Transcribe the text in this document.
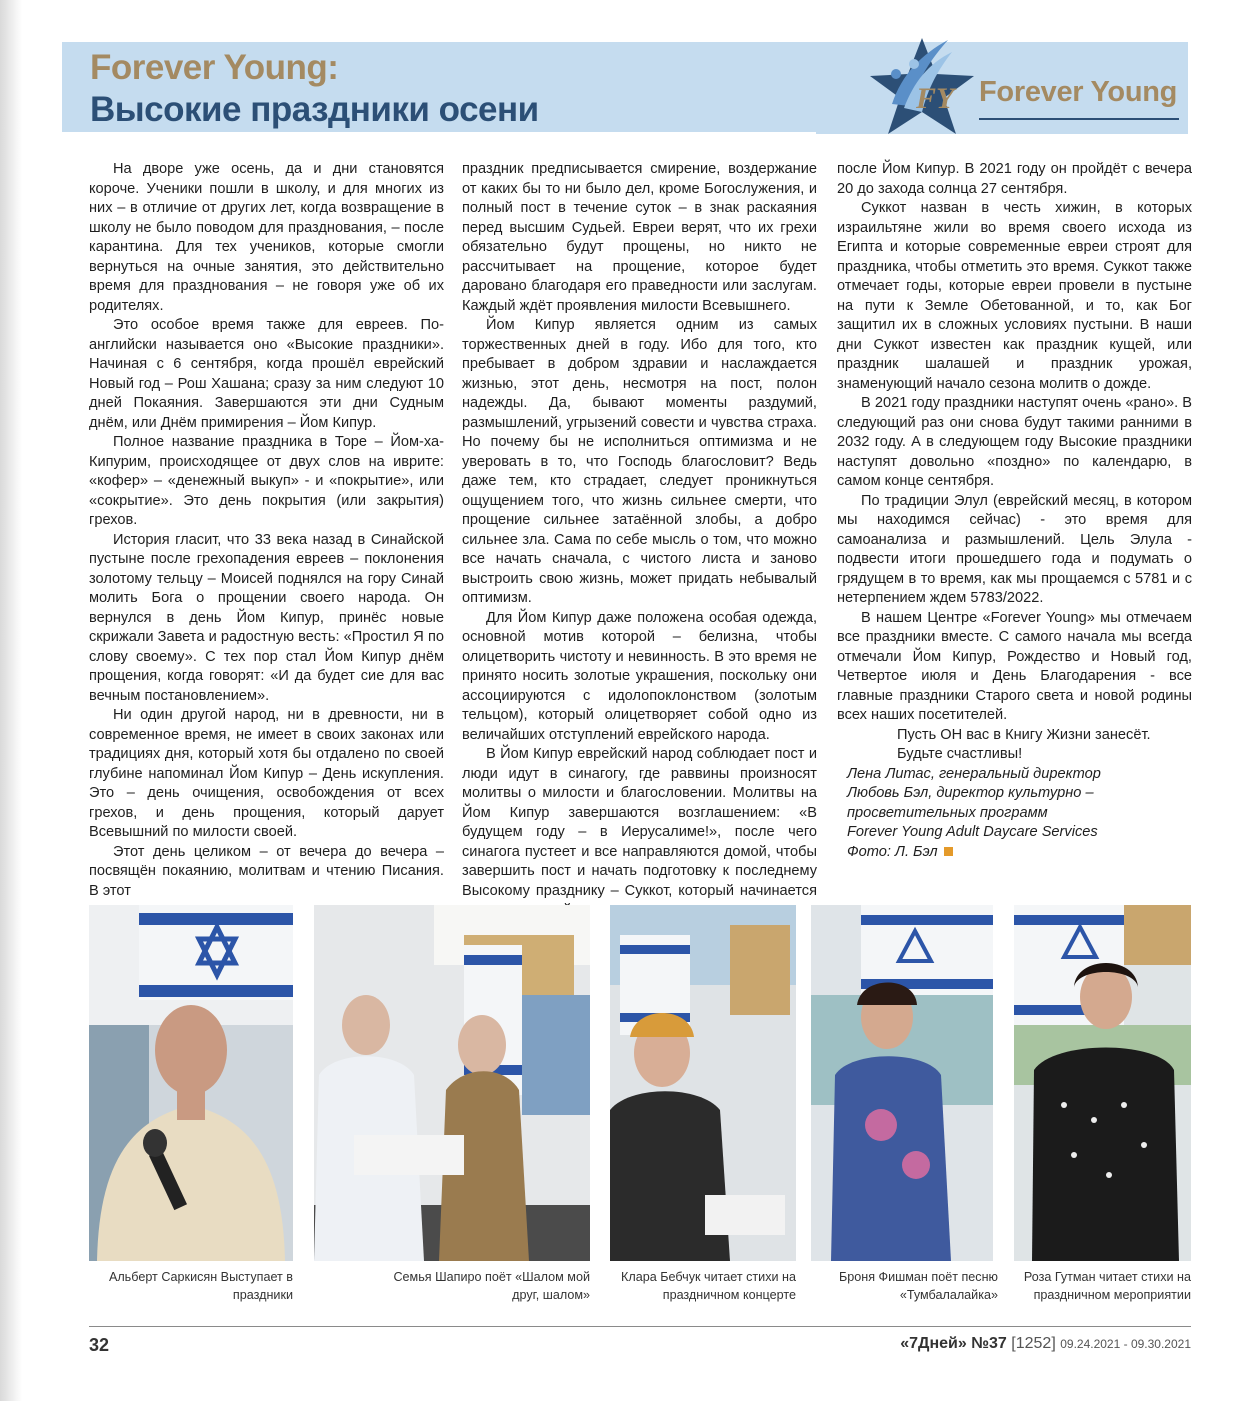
Forever Young:
Высокие праздники осени	FY Forever Young

На дворе уже осень, да и дни становятся короче. Ученики пошли в школу, и для многих из них – в отличие от других лет, когда возвращение в школу не было поводом для празднования, – после карантина. Для тех учеников, которые смогли вернуться на очные занятия, это действительно время для празднования – не говоря уже об их родителях.

Это особое время также для евреев. По-английски называется оно «Высокие праздники». Начиная с 6 сентября, когда прошёл еврейский Новый год – Рош Хашана; сразу за ним следуют 10 дней Покаяния. Завершаются эти дни Судным днём, или Днём примирения – Йом Кипур.

Полное название праздника в Торе – Йом-ха-Кипурим, происходящее от двух слов на иврите: «кофер» – «денежный выкуп» - и «покрытие», или «сокрытие». Это день покрытия (или закрытия) грехов.

История гласит, что 33 века назад в Синайской пустыне после грехопадения евреев – поклонения золотому тельцу – Моисей поднялся на гору Синай молить Бога о прощении своего народа. Он вернулся в день Йом Кипур, принёс новые скрижали Завета и радостную весть: «Простил Я по слову своему». С тех пор стал Йом Кипур днём прощения, когда говорят: «И да будет сие для вас вечным постановлением».

Ни один другой народ, ни в древности, ни в современное время, не имеет в своих законах или традициях дня, который хотя бы отдалено по своей глубине напоминал Йом Кипур – День искупления. Это – день очищения, освобождения от всех грехов, и день прощения, который дарует Всевышний по милости своей.

Этот день целиком – от вечера до вечера – посвящён покаянию, молитвам и чтению Писания. В этот

праздник предписывается смирение, воздержание от каких бы то ни было дел, кроме Богослужения, и полный пост в течение суток – в знак раскаяния перед высшим Судьей. Евреи верят, что их грехи обязательно будут прощены, но никто не рассчитывает на прощение, которое будет даровано благодаря его праведности или заслугам. Каждый ждёт проявления милости Всевышнего.

Йом Кипур является одним из самых торжественных дней в году. Ибо для того, кто пребывает в добром здравии и наслаждается жизнью, этот день, несмотря на пост, полон надежды. Да, бывают моменты раздумий, размышлений, угрызений совести и чувства страха. Но почему бы не исполниться оптимизма и не уверовать в то, что Господь благословит? Ведь даже тем, кто страдает, следует проникнуться ощущением того, что жизнь сильнее смерти, что прощение сильнее затаённой злобы, а добро сильнее зла. Сама по себе мысль о том, что можно все начать сначала, с чистого листа и заново выстроить свою жизнь, может придать небывалый оптимизм.

Для Йом Кипур даже положена особая одежда, основной мотив которой – белизна, чтобы олицетворить чистоту и невинность. В это время не принято носить золотые украшения, поскольку они ассоциируются с идолопоклонством (золотым тельцом), который олицетворяет собой одно из величайших отступлений еврейского народа.

В Йом Кипур еврейский народ соблюдает пост и люди идут в синагогу, где раввины произносят молитвы о милости и благословении. Молитвы на Йом Кипур завершаются возглашением: «В будущем году – в Иерусалиме!», после чего синагога пустеет и все направляются домой, чтобы завершить пост и начать подготовку к последнему Высокому празднику – Суккот, который начинается

после Йом Кипур. В 2021 году он пройдёт с вечера 20 до захода солнца 27 сентября.

Суккот назван в честь хижин, в которых израильтяне жили во время своего исхода из Египта и которые современные евреи строят для праздника, чтобы отметить это время. Суккот также отмечает годы, которые евреи провели в пустыне на пути к Земле Обетованной, и то, как Бог защитил их в сложных условиях пустыни. В наши дни Суккот известен как праздник кущей, или праздник шалашей и праздник урожая, знаменующий начало сезона молитв о дожде.

В 2021 году праздники наступят очень «рано». В следующий раз они снова будут такими ранними в 2032 году. А в следующем году Высокие праздники наступят довольно «поздно» по календарю, в самом конце сентября.

По традиции Элул (еврейский месяц, в котором мы находимся сейчас) - это время для самоанализа и размышлений. Цель Элула - подвести итоги прошедшего года и подумать о грядущем в то время, как мы прощаемся с 5781 и с нетерпением ждем 5783/2022.

В нашем Центре «Forever Young» мы отмечаем все праздники вместе. С самого начала мы всегда отмечали Йом Кипур, Рождество и Новый год, Четвертое июля и День Благодарения - все главные праздники Старого света и новой родины всех наших посетителей.

Пусть ОН вас в Книгу Жизни занесёт.

Будьте счастливы!

Лена Литас, генеральный директор

Любовь Бэл, директор культурно – просветительных программ

Forever Young Adult Daycare Services

Фото: Л. Бэл

Альберт Саркисян Выступает в праздники
Семья Шапиро поёт «Шалом мой друг, шалом»
Клара Бебчук читает стихи на праздничном концерте
Броня Фишман поёт песню «Тумбалалайка»
Роза Гутман читает стихи на праздничном мероприятии
32	«7Дней» №37 [1252] 09.24.2021 - 09.30.2021
